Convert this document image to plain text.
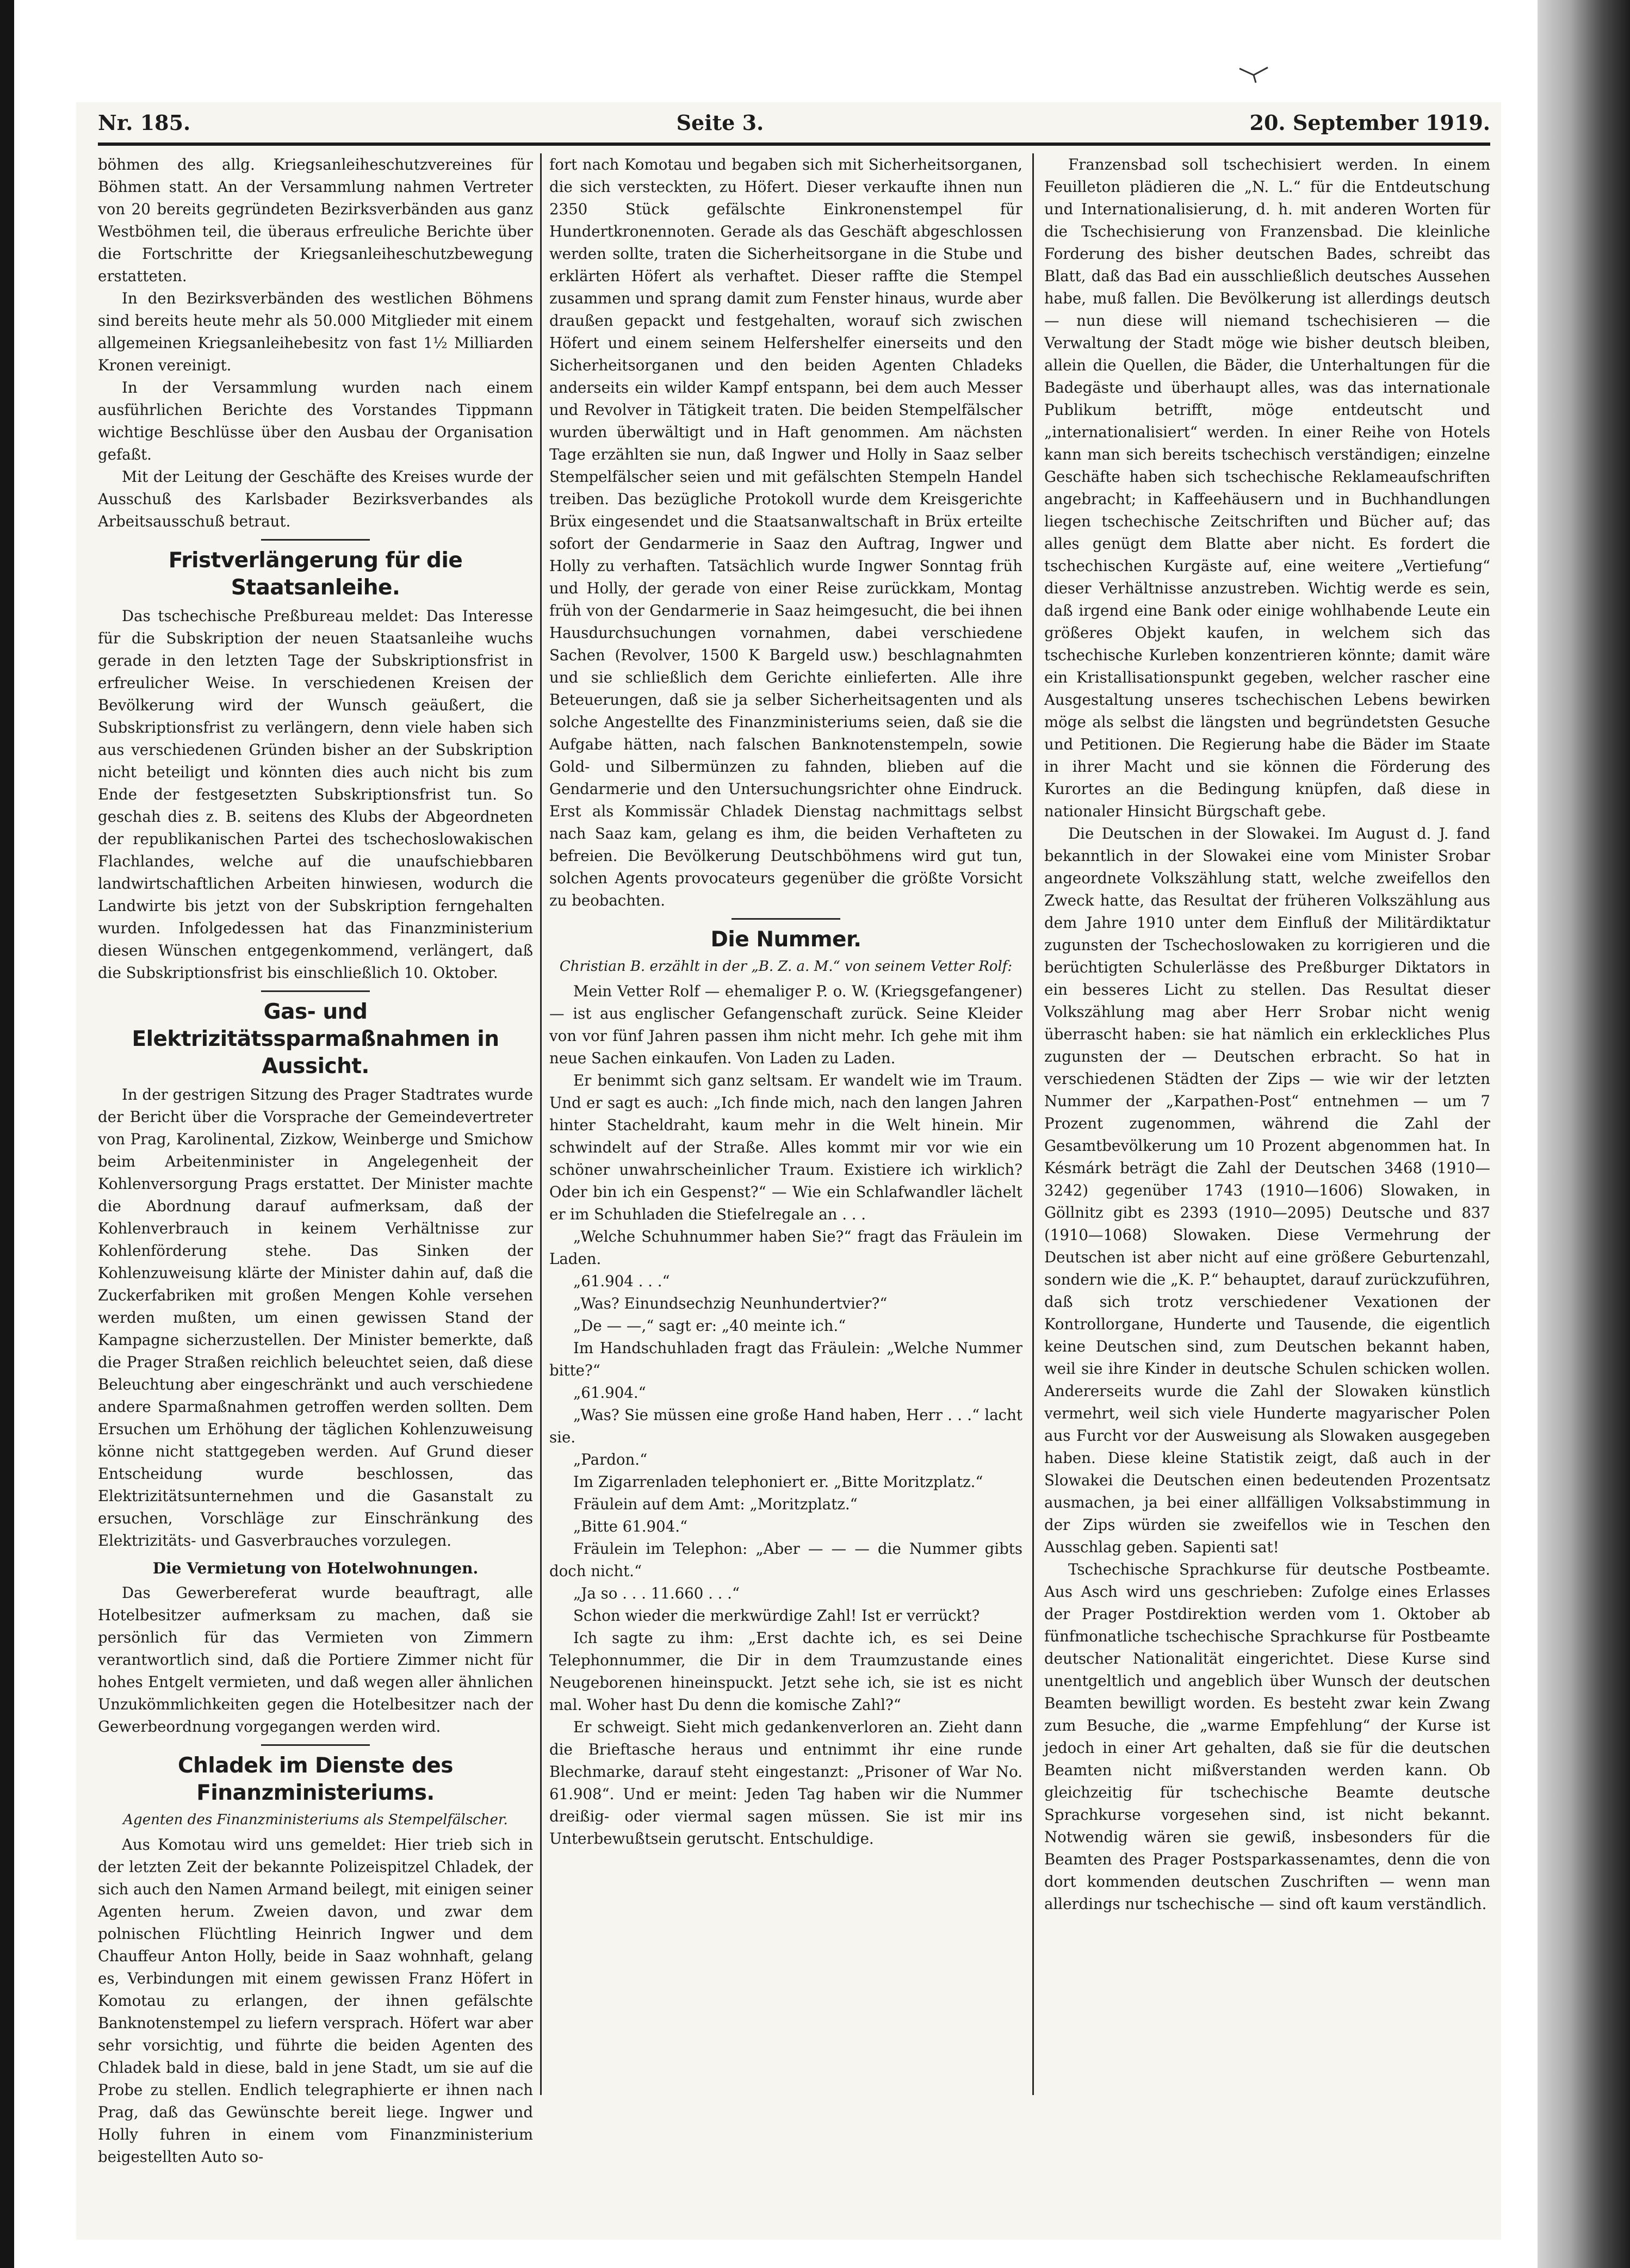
Nr. 185.	Seite 3.	20. September 1919.

böhmen des allg. Kriegsanleiheschutzvereines für Böhmen statt. An der Versammlung nahmen Vertreter von 20 bereits gegründeten Bezirksverbänden aus ganz Westböhmen teil, die überaus erfreuliche Berichte über die Fortschritte der Kriegsanleiheschutzbewegung erstatteten.

In den Bezirksverbänden des westlichen Böhmens sind bereits heute mehr als 50.000 Mitglieder mit einem allgemeinen Kriegsanleihebesitz von fast 1½ Milliarden Kronen vereinigt.

In der Versammlung wurden nach einem ausführlichen Berichte des Vorstandes Tippmann wichtige Beschlüsse über den Ausbau der Organisation gefaßt.

Mit der Leitung der Geschäfte des Kreises wurde der Ausschuß des Karlsbader Bezirksverbandes als Arbeitsausschuß betraut.

Fristverlängerung für die Staatsanleihe.

Das tschechische Preßbureau meldet: Das Interesse für die Subskription der neuen Staatsanleihe wuchs gerade in den letzten Tage der Subskriptionsfrist in erfreulicher Weise. In verschiedenen Kreisen der Bevölkerung wird der Wunsch geäußert, die Subskriptionsfrist zu verlängern, denn viele haben sich aus verschiedenen Gründen bisher an der Subskription nicht beteiligt und könnten dies auch nicht bis zum Ende der festgesetzten Subskriptionsfrist tun. So geschah dies z. B. seitens des Klubs der Abgeordneten der republikanischen Partei des tschechoslowakischen Flachlandes, welche auf die unaufschiebbaren landwirtschaftlichen Arbeiten hinwiesen, wodurch die Landwirte bis jetzt von der Subskription ferngehalten wurden. Infolgedessen hat das Finanzministerium diesen Wünschen entgegenkommend, verlängert, daß die Subskriptionsfrist bis einschließlich 10. Oktober.

Gas- und Elektrizitätssparmaßnahmen in Aussicht.

In der gestrigen Sitzung des Prager Stadtrates wurde der Bericht über die Vorsprache der Gemeindevertreter von Prag, Karolinental, Zizkow, Weinberge und Smichow beim Arbeitenminister in Angelegenheit der Kohlenversorgung Prags erstattet. Der Minister machte die Abordnung darauf aufmerksam, daß der Kohlenverbrauch in keinem Verhältnisse zur Kohlenförderung stehe. Das Sinken der Kohlenzuweisung klärte der Minister dahin auf, daß die Zuckerfabriken mit großen Mengen Kohle versehen werden mußten, um einen gewissen Stand der Kampagne sicherzustellen. Der Minister bemerkte, daß die Prager Straßen reichlich beleuchtet seien, daß diese Beleuchtung aber eingeschränkt und auch verschiedene andere Sparmaßnahmen getroffen werden sollten. Dem Ersuchen um Erhöhung der täglichen Kohlenzuweisung könne nicht stattgegeben werden. Auf Grund dieser Entscheidung wurde beschlossen, das Elektrizitätsunternehmen und die Gasanstalt zu ersuchen, Vorschläge zur Einschränkung des Elektrizitäts- und Gasverbrauches vorzulegen.

Die Vermietung von Hotelwohnungen.

Das Gewerbereferat wurde beauftragt, alle Hotelbesitzer aufmerksam zu machen, daß sie persönlich für das Vermieten von Zimmern verantwortlich sind, daß die Portiere Zimmer nicht für hohes Entgelt vermieten, und daß wegen aller ähnlichen Unzukömmlichkeiten gegen die Hotelbesitzer nach der Gewerbeordnung vorgegangen werden wird.

Chladek im Dienste des Finanzministeriums.
Agenten des Finanzministeriums als Stempelfälscher.

Aus Komotau wird uns gemeldet: Hier trieb sich in der letzten Zeit der bekannte Polizeispitzel Chladek, der sich auch den Namen Armand beilegt, mit einigen seiner Agenten herum. Zweien davon, und zwar dem polnischen Flüchtling Heinrich Ingwer und dem Chauffeur Anton Holly, beide in Saaz wohnhaft, gelang es, Verbindungen mit einem gewissen Franz Höfert in Komotau zu erlangen, der ihnen gefälschte Banknotenstempel zu liefern versprach. Höfert war aber sehr vorsichtig, und führte die beiden Agenten des Chladek bald in diese, bald in jene Stadt, um sie auf die Probe zu stellen. Endlich telegraphierte er ihnen nach Prag, daß das Gewünschte bereit liege. Ingwer und Holly fuhren in einem vom Finanzministerium beigestellten Auto so-

fort nach Komotau und begaben sich mit Sicherheitsorganen, die sich versteckten, zu Höfert. Dieser verkaufte ihnen nun 2350 Stück gefälschte Einkronenstempel für Hundertkronennoten. Gerade als das Geschäft abgeschlossen werden sollte, traten die Sicherheitsorgane in die Stube und erklärten Höfert als verhaftet. Dieser raffte die Stempel zusammen und sprang damit zum Fenster hinaus, wurde aber draußen gepackt und festgehalten, worauf sich zwischen Höfert und einem seinem Helfershelfer einerseits und den Sicherheitsorganen und den beiden Agenten Chladeks anderseits ein wilder Kampf entspann, bei dem auch Messer und Revolver in Tätigkeit traten. Die beiden Stempelfälscher wurden überwältigt und in Haft genommen. Am nächsten Tage erzählten sie nun, daß Ingwer und Holly in Saaz selber Stempelfälscher seien und mit gefälschten Stempeln Handel treiben. Das bezügliche Protokoll wurde dem Kreisgerichte Brüx eingesendet und die Staatsanwaltschaft in Brüx erteilte sofort der Gendarmerie in Saaz den Auftrag, Ingwer und Holly zu verhaften. Tatsächlich wurde Ingwer Sonntag früh und Holly, der gerade von einer Reise zurückkam, Montag früh von der Gendarmerie in Saaz heimgesucht, die bei ihnen Hausdurchsuchungen vornahmen, dabei verschiedene Sachen (Revolver, 1500 K Bargeld usw.) beschlagnahmten und sie schließlich dem Gerichte einlieferten. Alle ihre Beteuerungen, daß sie ja selber Sicherheitsagenten und als solche Angestellte des Finanzministeriums seien, daß sie die Aufgabe hätten, nach falschen Banknotenstempeln, sowie Gold- und Silbermünzen zu fahnden, blieben auf die Gendarmerie und den Untersuchungsrichter ohne Eindruck. Erst als Kommissär Chladek Dienstag nachmittags selbst nach Saaz kam, gelang es ihm, die beiden Verhafteten zu befreien. Die Bevölkerung Deutschböhmens wird gut tun, solchen Agents provocateurs gegenüber die größte Vorsicht zu beobachten.

Die Nummer.
Christian B. erzählt in der „B. Z. a. M.“ von seinem Vetter Rolf:

Mein Vetter Rolf — ehemaliger P. o. W. (Kriegsgefangener) — ist aus englischer Gefangenschaft zurück. Seine Kleider von vor fünf Jahren passen ihm nicht mehr. Ich gehe mit ihm neue Sachen einkaufen. Von Laden zu Laden.

Er benimmt sich ganz seltsam. Er wandelt wie im Traum. Und er sagt es auch: „Ich finde mich, nach den langen Jahren hinter Stacheldraht, kaum mehr in die Welt hinein. Mir schwindelt auf der Straße. Alles kommt mir vor wie ein schöner unwahrscheinlicher Traum. Existiere ich wirklich? Oder bin ich ein Gespenst?“ — Wie ein Schlafwandler lächelt er im Schuhladen die Stiefelregale an . . .

„Welche Schuhnummer haben Sie?“ fragt das Fräulein im Laden.

„61.904 . . .“

„Was? Einundsechzig Neunhundertvier?“

„De — —,“ sagt er: „40 meinte ich.“

Im Handschuhladen fragt das Fräulein: „Welche Nummer bitte?“

„61.904.“

„Was? Sie müssen eine große Hand haben, Herr . . .“ lacht sie.

„Pardon.“

Im Zigarrenladen telephoniert er. „Bitte Moritzplatz.“

Fräulein auf dem Amt: „Moritzplatz.“

„Bitte 61.904.“

Fräulein im Telephon: „Aber — — — die Nummer gibts doch nicht.“

„Ja so . . . 11.660 . . .“

Schon wieder die merkwürdige Zahl! Ist er verrückt?

Ich sagte zu ihm: „Erst dachte ich, es sei Deine Telephonnummer, die Dir in dem Traumzustande eines Neugeborenen hineinspuckt. Jetzt sehe ich, sie ist es nicht mal. Woher hast Du denn die komische Zahl?“

Er schweigt. Sieht mich gedankenverloren an. Zieht dann die Brieftasche heraus und entnimmt ihr eine runde Blechmarke, darauf steht eingestanzt: „Prisoner of War No. 61.908“. Und er meint: Jeden Tag haben wir die Nummer dreißig- oder viermal sagen müssen. Sie ist mir ins Unterbewußtsein gerutscht. Entschuldige.

Franzensbad soll tschechisiert werden. In einem Feuilleton plädieren die „N. L.“ für die Entdeutschung und Internationalisierung, d. h. mit anderen Worten für die Tschechisierung von Franzensbad. Die kleinliche Forderung des bisher deutschen Bades, schreibt das Blatt, daß das Bad ein ausschließlich deutsches Aussehen habe, muß fallen. Die Bevölkerung ist allerdings deutsch — nun diese will niemand tschechisieren — die Verwaltung der Stadt möge wie bisher deutsch bleiben, allein die Quellen, die Bäder, die Unterhaltungen für die Badegäste und überhaupt alles, was das internationale Publikum betrifft, möge entdeutscht und „internationalisiert“ werden. In einer Reihe von Hotels kann man sich bereits tschechisch verständigen; einzelne Geschäfte haben sich tschechische Reklameaufschriften angebracht; in Kaffeehäusern und in Buchhandlungen liegen tschechische Zeitschriften und Bücher auf; das alles genügt dem Blatte aber nicht. Es fordert die tschechischen Kurgäste auf, eine weitere „Vertiefung“ dieser Verhältnisse anzustreben. Wichtig werde es sein, daß irgend eine Bank oder einige wohlhabende Leute ein größeres Objekt kaufen, in welchem sich das tschechische Kurleben konzentrieren könnte; damit wäre ein Kristallisationspunkt gegeben, welcher rascher eine Ausgestaltung unseres tschechischen Lebens bewirken möge als selbst die längsten und begründetsten Gesuche und Petitionen. Die Regierung habe die Bäder im Staate in ihrer Macht und sie können die Förderung des Kurortes an die Bedingung knüpfen, daß diese in nationaler Hinsicht Bürgschaft gebe.

Die Deutschen in der Slowakei. Im August d. J. fand bekanntlich in der Slowakei eine vom Minister Srobar angeordnete Volkszählung statt, welche zweifellos den Zweck hatte, das Resultat der früheren Volkszählung aus dem Jahre 1910 unter dem Einfluß der Militärdiktatur zugunsten der Tschechoslowaken zu korrigieren und die berüchtigten Schulerlässe des Preßburger Diktators in ein besseres Licht zu stellen. Das Resultat dieser Volkszählung mag aber Herr Srobar nicht wenig überrascht haben: sie hat nämlich ein erkleckliches Plus zugunsten der — Deutschen erbracht. So hat in verschiedenen Städten der Zips — wie wir der letzten Nummer der „Karpathen-Post“ entnehmen — um 7 Prozent zugenommen, während die Zahl der Gesamtbevölkerung um 10 Prozent abgenommen hat. In Késmárk beträgt die Zahl der Deutschen 3468 (1910—3242) gegenüber 1743 (1910—1606) Slowaken, in Göllnitz gibt es 2393 (1910—2095) Deutsche und 837 (1910—1068) Slowaken. Diese Vermehrung der Deutschen ist aber nicht auf eine größere Geburtenzahl, sondern wie die „K. P.“ behauptet, darauf zurückzuführen, daß sich trotz verschiedener Vexationen der Kontrollorgane, Hunderte und Tausende, die eigentlich keine Deutschen sind, zum Deutschen bekannt haben, weil sie ihre Kinder in deutsche Schulen schicken wollen. Andererseits wurde die Zahl der Slowaken künstlich vermehrt, weil sich viele Hunderte magyarischer Polen aus Furcht vor der Ausweisung als Slowaken ausgegeben haben. Diese kleine Statistik zeigt, daß auch in der Slowakei die Deutschen einen bedeutenden Prozentsatz ausmachen, ja bei einer allfälligen Volksabstimmung in der Zips würden sie zweifellos wie in Teschen den Ausschlag geben. Sapienti sat!

Tschechische Sprachkurse für deutsche Postbeamte. Aus Asch wird uns geschrieben: Zufolge eines Erlasses der Prager Postdirektion werden vom 1. Oktober ab fünfmonatliche tschechische Sprachkurse für Postbeamte deutscher Nationalität eingerichtet. Diese Kurse sind unentgeltlich und angeblich über Wunsch der deutschen Beamten bewilligt worden. Es besteht zwar kein Zwang zum Besuche, die „warme Empfehlung“ der Kurse ist jedoch in einer Art gehalten, daß sie für die deutschen Beamten nicht mißverstanden werden kann. Ob gleichzeitig für tschechische Beamte deutsche Sprachkurse vorgesehen sind, ist nicht bekannt. Notwendig wären sie gewiß, insbesonders für die Beamten des Prager Postsparkassenamtes, denn die von dort kommenden deutschen Zuschriften — wenn man allerdings nur tschechische — sind oft kaum verständlich.
